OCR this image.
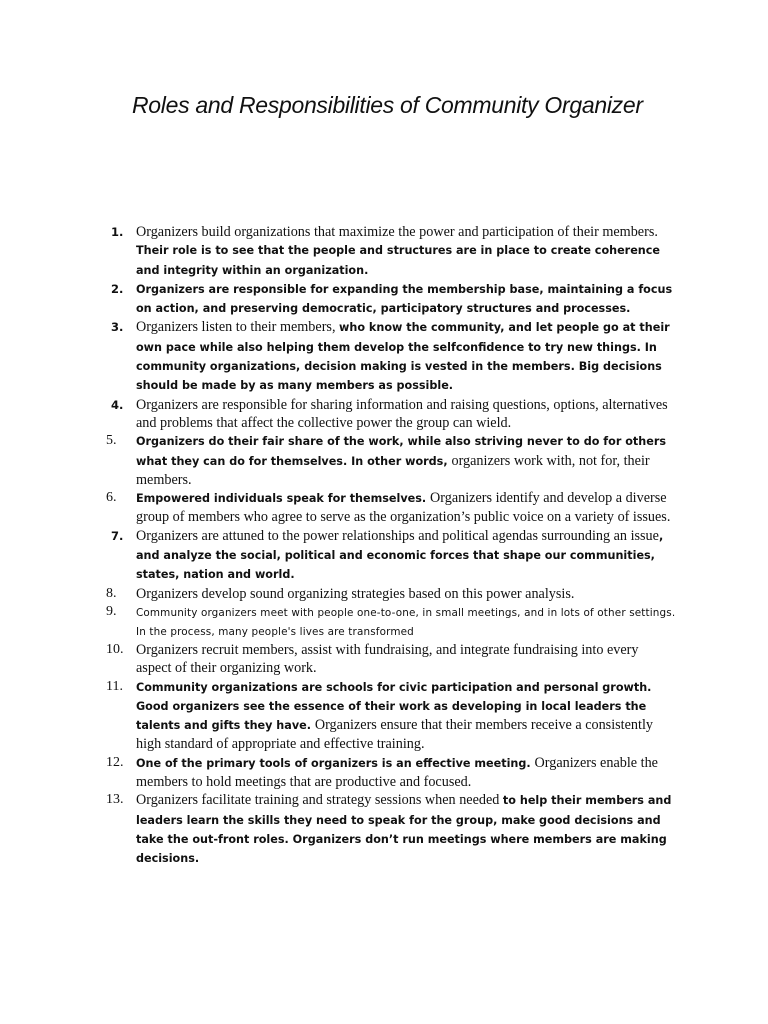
Roles and Responsibilities of Community Organizer
1. Organizers build organizations that maximize the power and participation of their members. Their role is to see that the people and structures are in place to create coherence and integrity within an organization.
2.	Organizers are responsible for expanding the membership base, maintaining a focus on action, and preserving democratic, participatory structures and processes.
3. Organizers listen to their members, who know the community, and let people go at their own pace while also helping them develop the selfconfidence to try new things. In community organizations, decision making is vested in the members. Big decisions should be made by as many members as possible.
4. Organizers are responsible for sharing information and raising questions, options, alternatives and problems that affect the collective power the group can wield.
5.	Organizers do their fair share of the work, while also striving never to do for others what they can do for themselves. In other words, organizers work with, not for, their members.
6.	Empowered individuals speak for themselves. Organizers identify and develop a diverse group of members who agree to serve as the organization’s public voice on a variety of issues.
7. Organizers are attuned to the power relationships and political agendas surrounding an issue, and analyze the social, political and economic forces that shape our communities, states, nation and world.
8.	Organizers develop sound organizing strategies based on this power analysis.
9.	Community organizers meet with people one-to-one, in small meetings, and in lots of other settings. In the process, many people's lives are transformed
10. Organizers recruit members, assist with fundraising, and integrate fundraising into every aspect of their organizing work.
11.	Community organizations are schools for civic participation and personal growth. Good organizers see the essence of their work as developing in local leaders the talents and gifts they have. Organizers ensure that their members receive a consistently high standard of appropriate and effective training.
12.	One of the primary tools of organizers is an effective meeting. Organizers enable the members to hold meetings that are productive and focused.
13. Organizers facilitate training and strategy sessions when needed to help their members and leaders learn the skills they need to speak for the group, make good decisions and take the out-front roles. Organizers don’t run meetings where members are making decisions.
